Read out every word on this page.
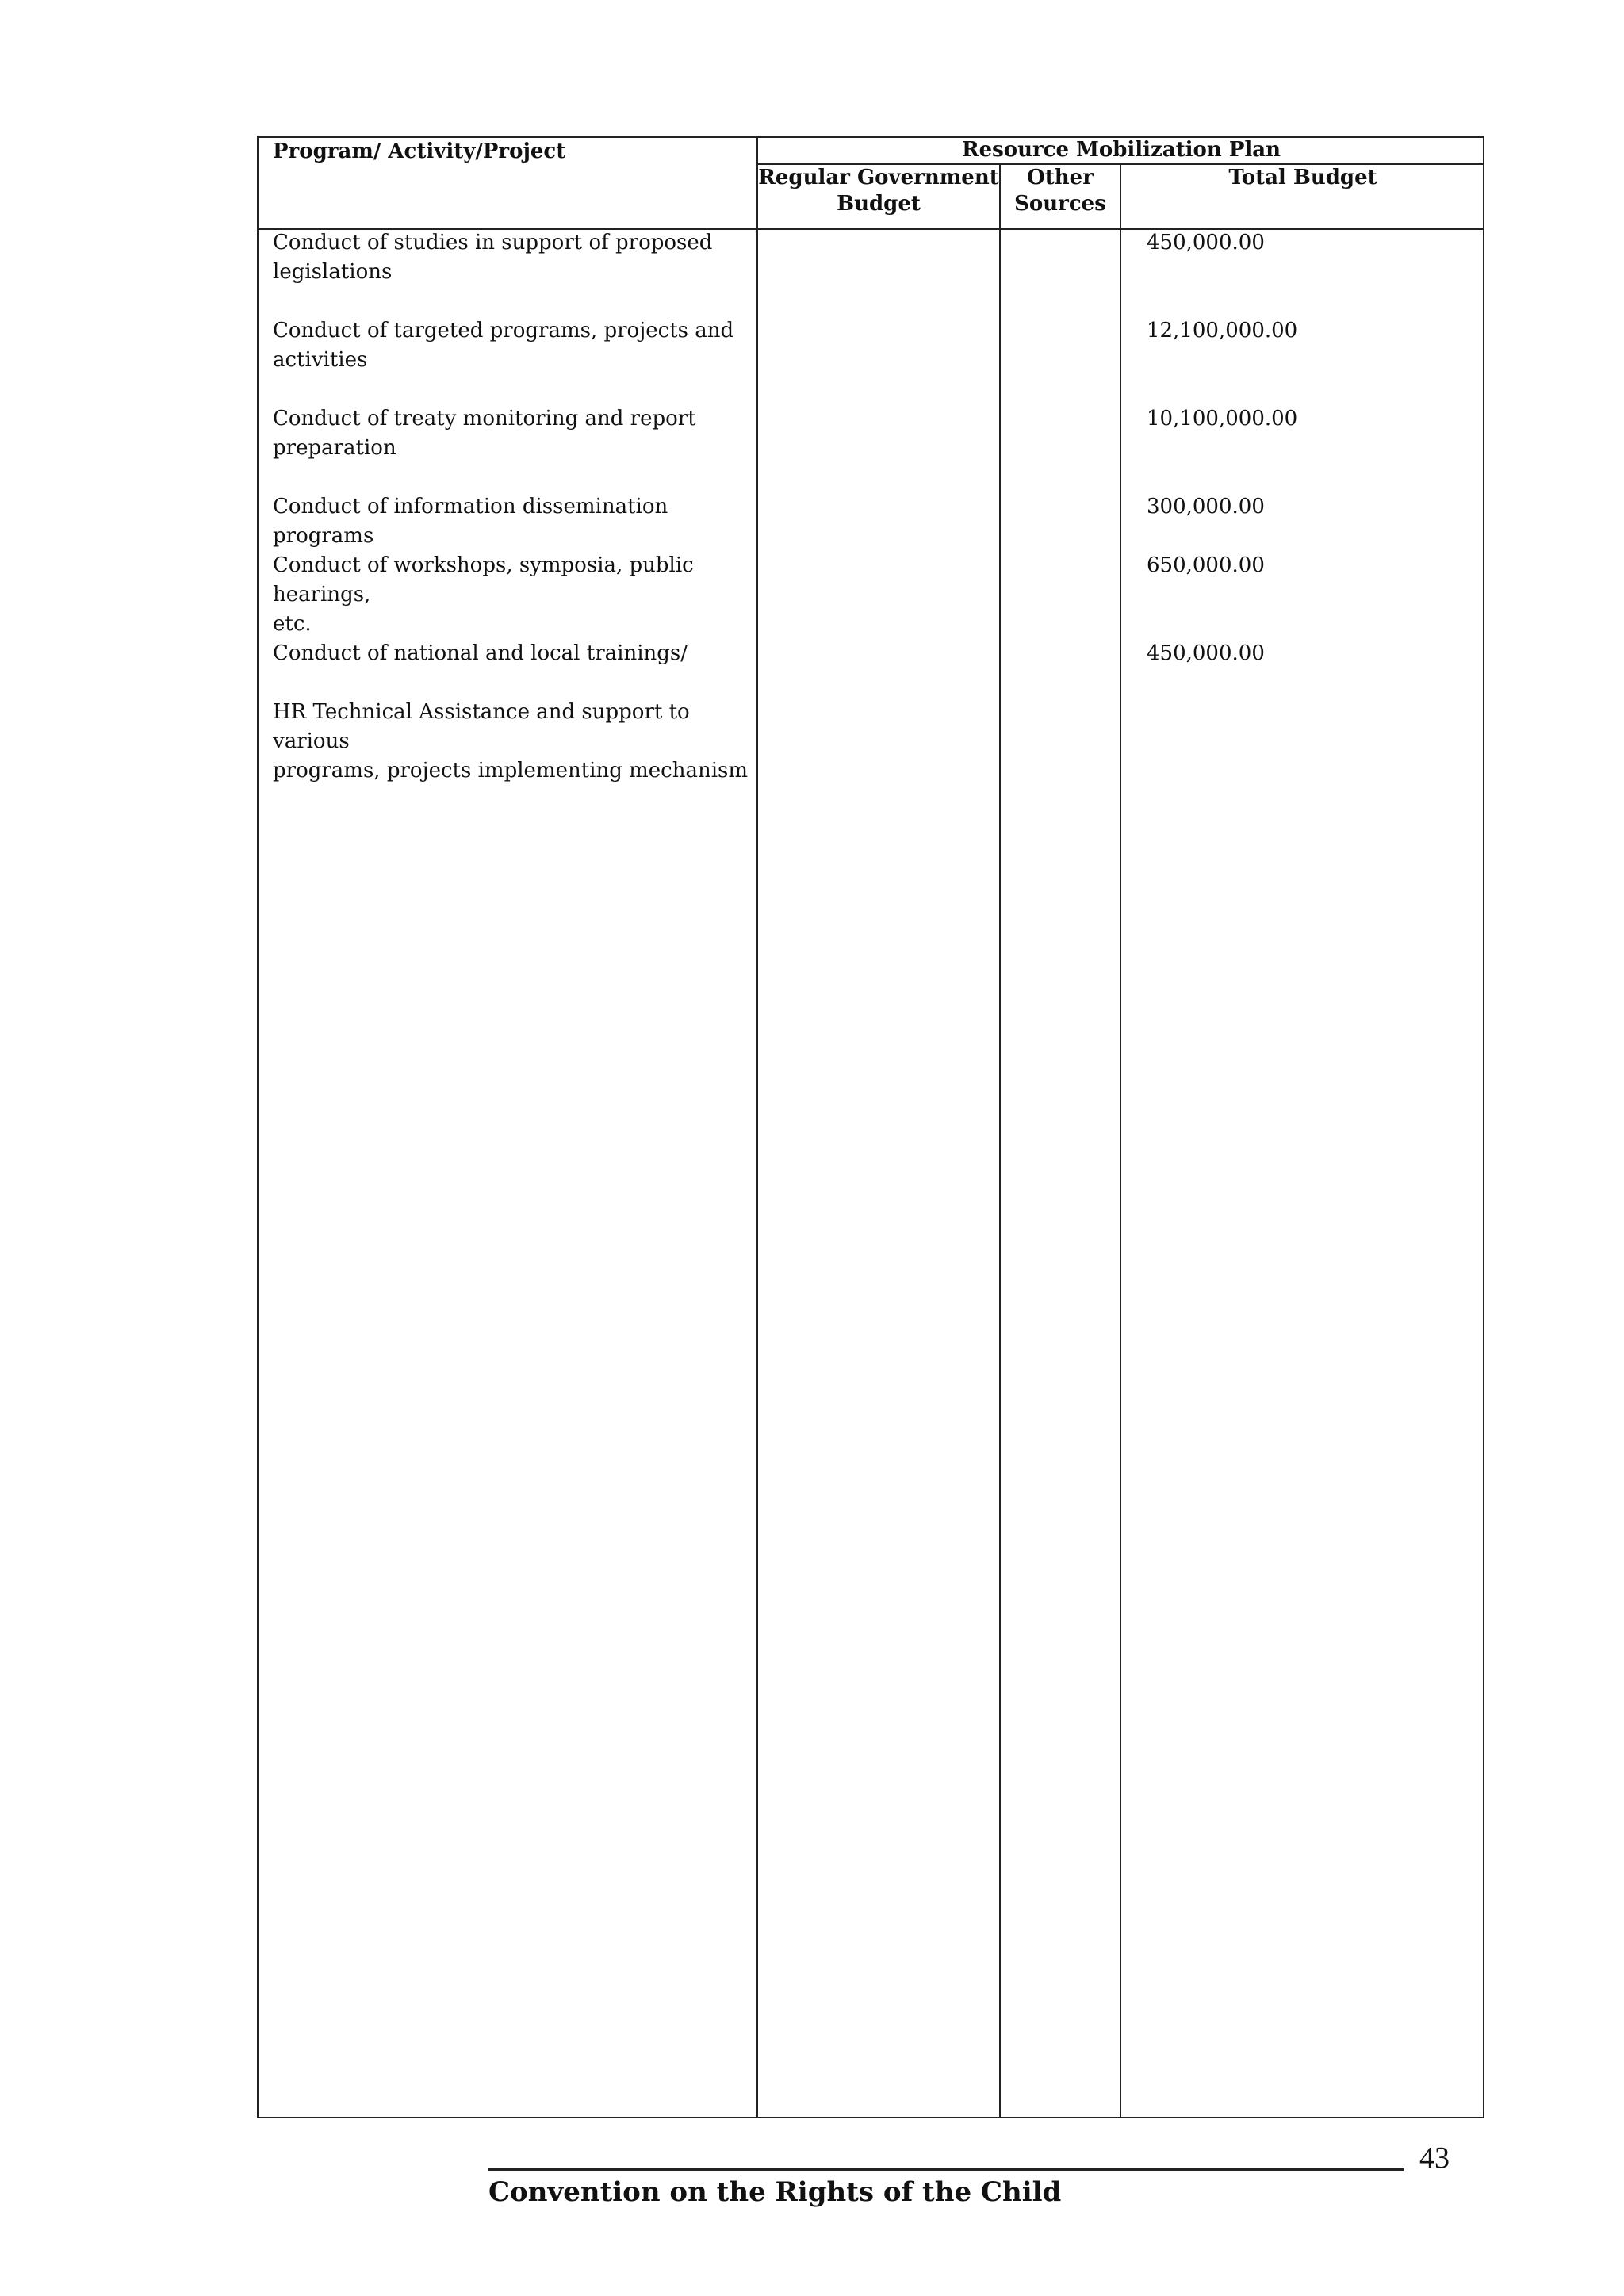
Program/ Activity/Project	Resource Mobilization Plan
Regular Government
Budget
Other
Sources
Total Budget
Conduct of studies in support of proposed
legislations
450,000.00
Conduct of targeted programs, projects and
activities
12,100,000.00
Conduct of treaty monitoring and report
preparation
10,100,000.00
Conduct of information dissemination programs
300,000.00
Conduct of workshops, symposia, public hearings,
etc.
650,000.00
Conduct of national and local trainings/	450,000.00
HR Technical Assistance and support to various
programs, projects implementing mechanism
Convention on the Rights of the Child
43
